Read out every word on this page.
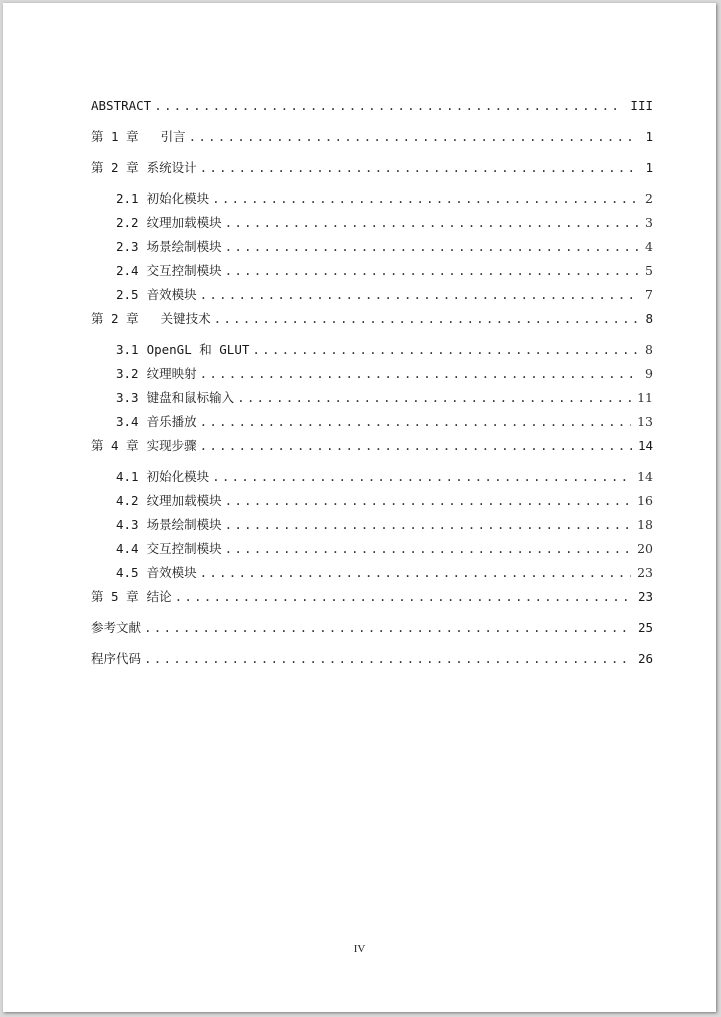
ABSTRACT .....	III
第 1 章 引言 .....	1
第 2 章 系统设计 .....	1
2.1 初始化模块 .....	2
2.2 纹理加载模块 .....	3
2.3 场景绘制模块 .....	4
2.4 交互控制模块 .....	5
2.5 音效模块 .....	7
第 2 章 关键技术 .....	8
3.1 OpenGL 和 GLUT .....	8
3.2 纹理映射 .....	9
3.3 键盘和鼠标输入 .....	11
3.4 音乐播放 .....	13
第 4 章 实现步骤 .....	14
4.1 初始化模块 .....	14
4.2 纹理加载模块 .....	16
4.3 场景绘制模块 .....	18
4.4 交互控制模块 .....	20
4.5 音效模块 .....	23
第 5 章 结论 .....	23
参考文献 .....	25
程序代码 .....	26
IV
